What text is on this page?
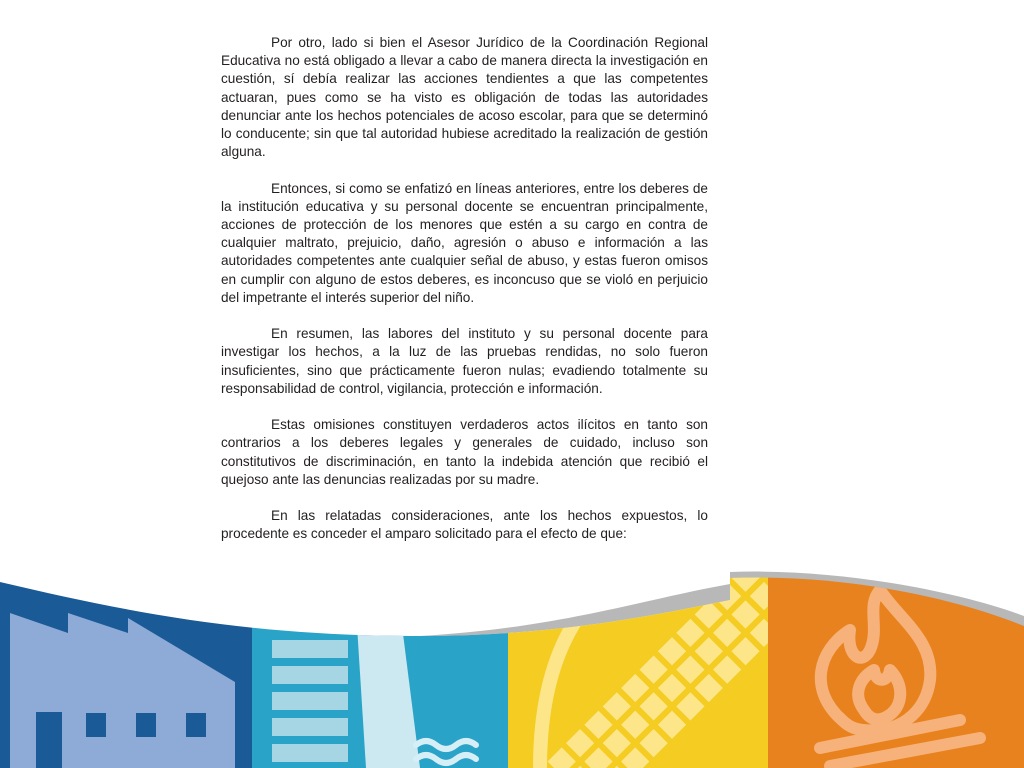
Por otro, lado si bien el Asesor Jurídico de la Coordinación Regional Educativa no está obligado a llevar a cabo de manera directa la investigación en cuestión, sí debía realizar las acciones tendientes a que las competentes actuaran, pues como se ha visto es obligación de todas las autoridades denunciar ante los hechos potenciales de acoso escolar, para que se determinó lo conducente; sin que tal autoridad hubiese acreditado la realización de gestión alguna.

Entonces, si como se enfatizó en líneas anteriores, entre los deberes de la institución educativa y su personal docente se encuentran principalmente, acciones de protección de los menores que estén a su cargo en contra de cualquier maltrato, prejuicio, daño, agresión o abuso e información a las autoridades competentes ante cualquier señal de abuso, y estas fueron omisos en cumplir con alguno de estos deberes, es inconcuso que se violó en perjuicio del impetrante el interés superior del niño.

En resumen, las labores del instituto y su personal docente para investigar los hechos, a la luz de las pruebas rendidas, no solo fueron insuficientes, sino que prácticamente fueron nulas; evadiendo totalmente su responsabilidad de control, vigilancia, protección e información.

Estas omisiones constituyen verdaderos actos ilícitos en tanto son contrarios a los deberes legales y generales de cuidado, incluso son constitutivos de discriminación, en tanto la indebida atención que recibió el quejoso ante las denuncias realizadas por su madre.

En las relatadas consideraciones, ante los hechos expuestos, lo procedente es conceder el amparo solicitado para el efecto de que:
